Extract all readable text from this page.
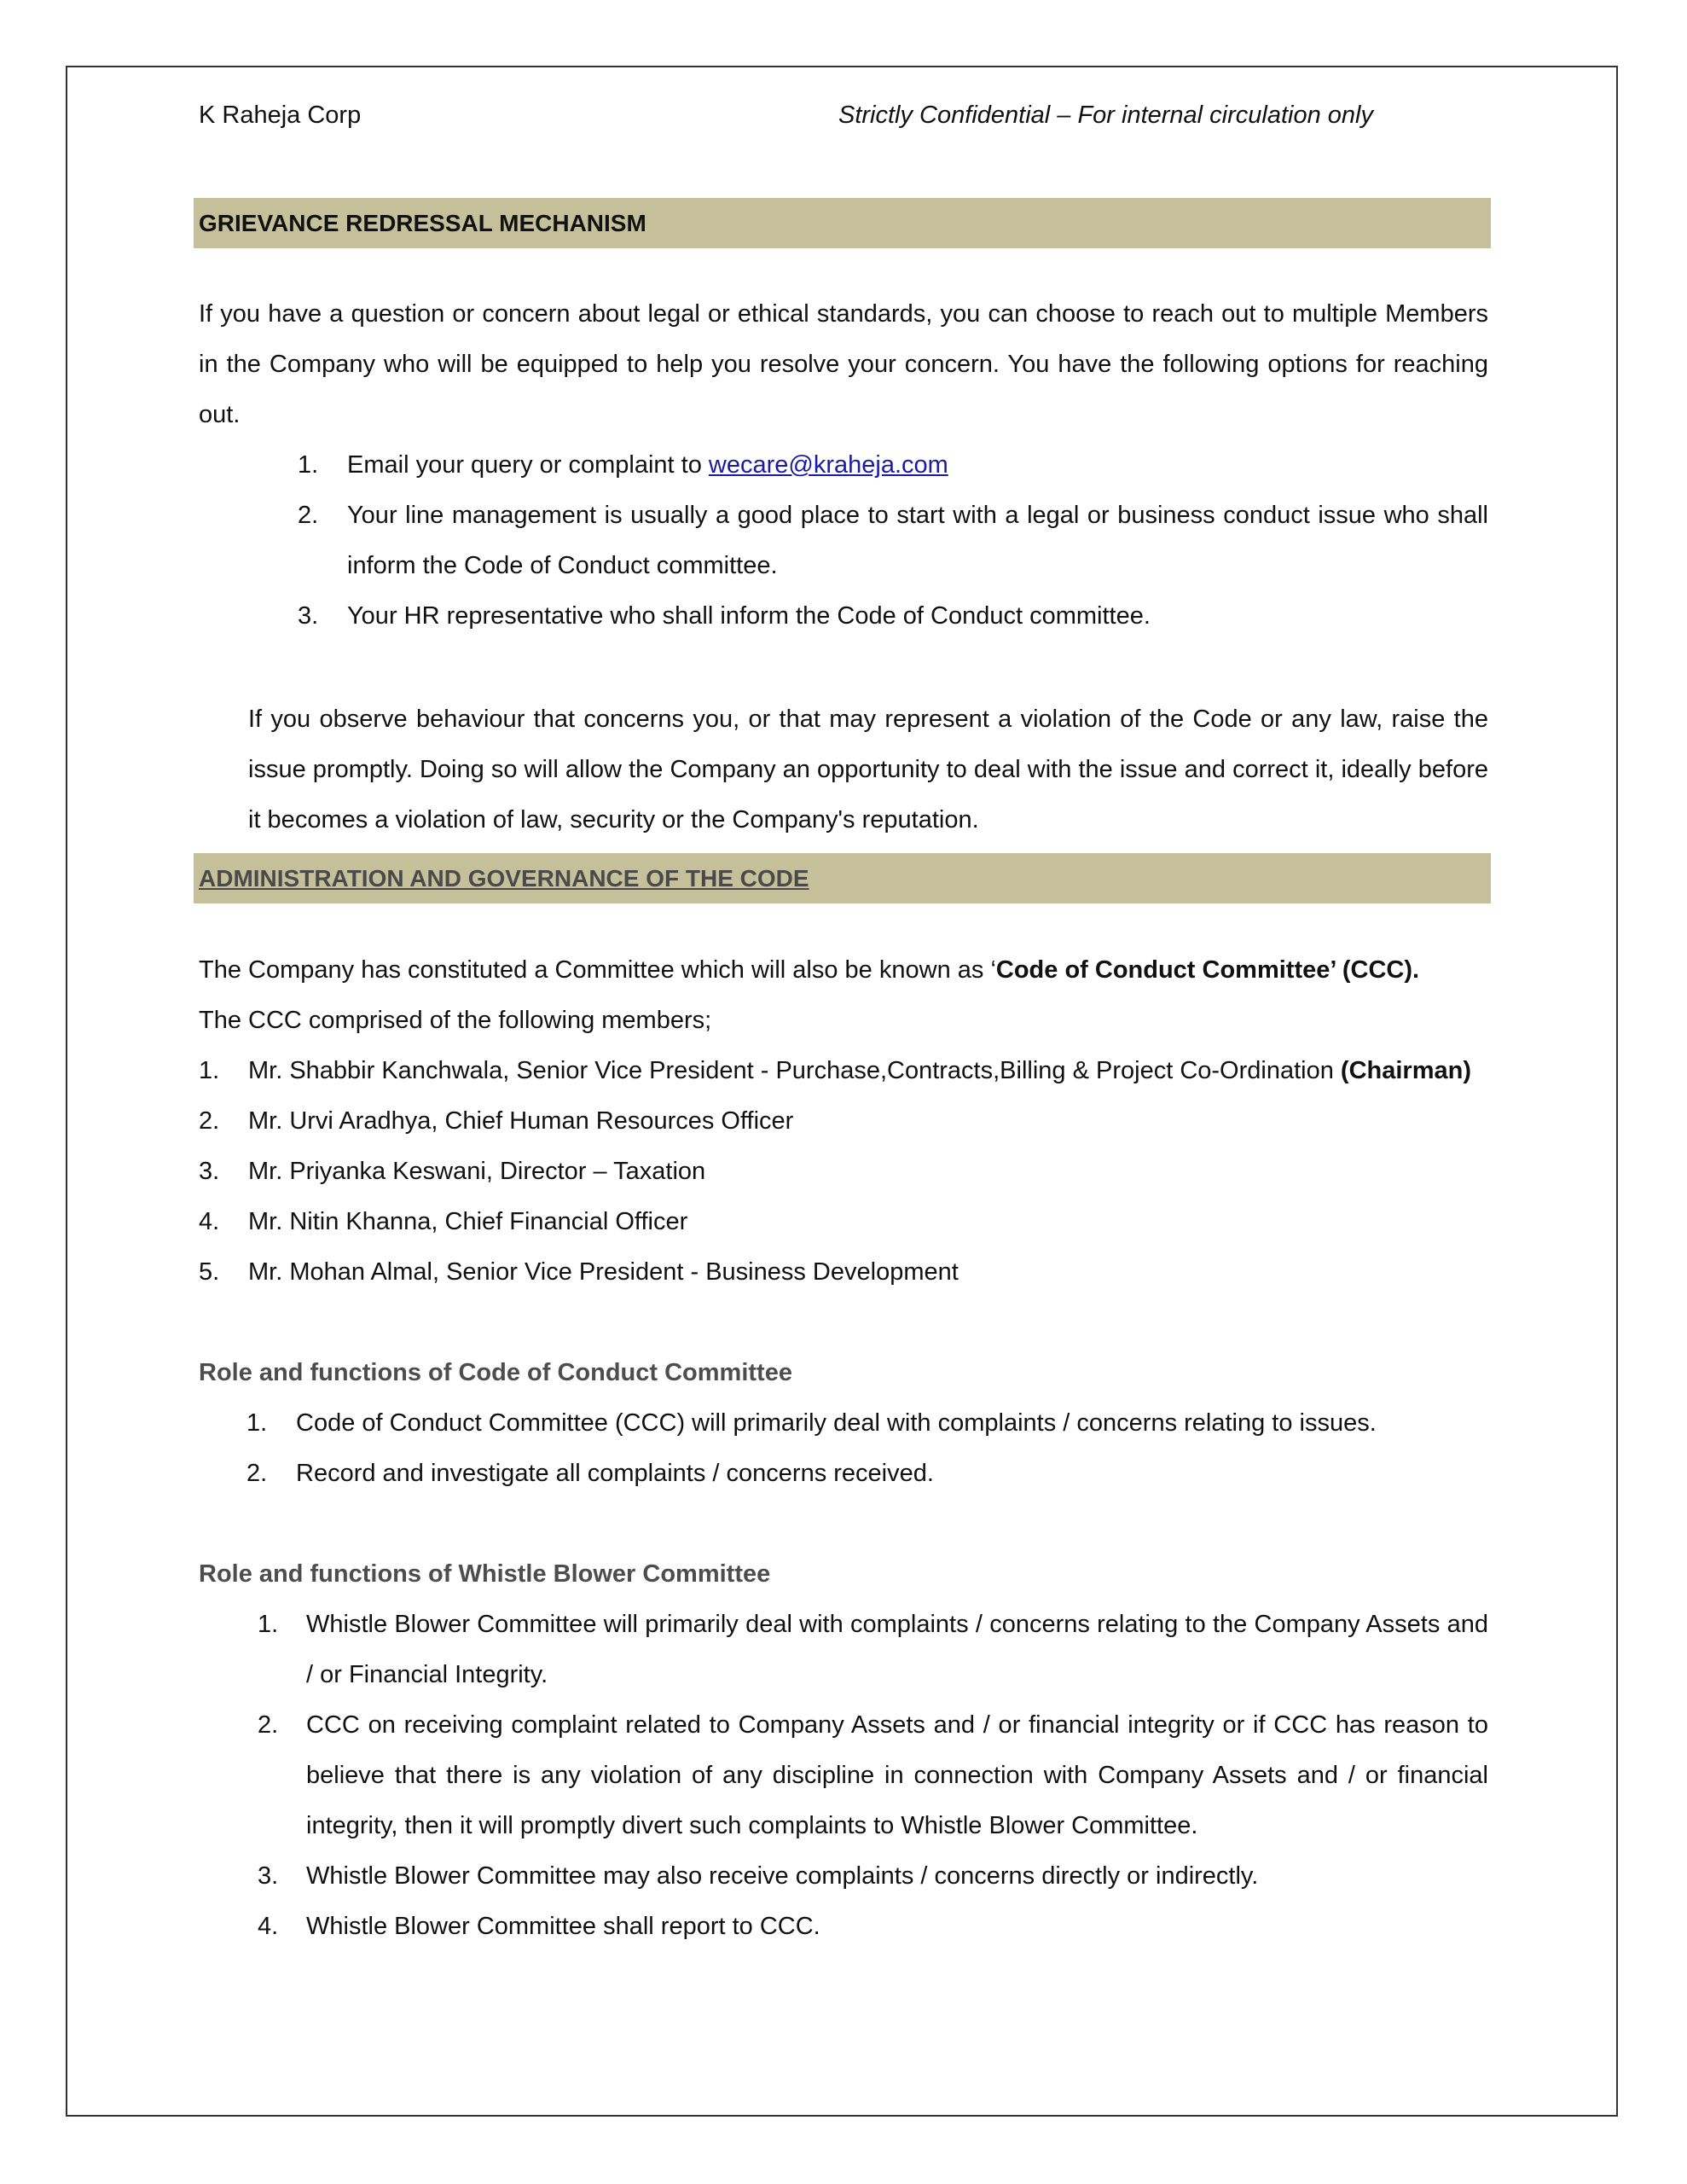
K Raheja Corp	Strictly Confidential – For internal circulation only
GRIEVANCE REDRESSAL MECHANISM
If you have a question or concern about legal or ethical standards, you can choose to reach out to multiple Members in the Company who will be equipped to help you resolve your concern. You have the following options for reaching out.
1. Email your query or complaint to wecare@kraheja.com
2. Your line management is usually a good place to start with a legal or business conduct issue who shall inform the Code of Conduct committee.
3. Your HR representative who shall inform the Code of Conduct committee.
If you observe behaviour that concerns you, or that may represent a violation of the Code or any law, raise the issue promptly. Doing so will allow the Company an opportunity to deal with the issue and correct it, ideally before it becomes a violation of law, security or the Company's reputation.
ADMINISTRATION AND GOVERNANCE OF THE CODE
The Company has constituted a Committee which will also be known as ‘Code of Conduct Committee’ (CCC).
The CCC comprised of the following members;
1. Mr. Shabbir Kanchwala, Senior Vice President - Purchase,Contracts,Billing & Project Co-Ordination (Chairman)
2. Mr. Urvi Aradhya, Chief Human Resources Officer
3. Mr. Priyanka Keswani, Director – Taxation
4. Mr. Nitin Khanna, Chief Financial Officer
5. Mr. Mohan Almal, Senior Vice President - Business Development
Role and functions of Code of Conduct Committee
1. Code of Conduct Committee (CCC) will primarily deal with complaints / concerns relating to issues.
2. Record and investigate all complaints / concerns received.
Role and functions of Whistle Blower Committee
1. Whistle Blower Committee will primarily deal with complaints / concerns relating to the Company Assets and / or Financial Integrity.
2. CCC on receiving complaint related to Company Assets and / or financial integrity or if CCC has reason to believe that there is any violation of any discipline in connection with Company Assets and / or financial integrity, then it will promptly divert such complaints to Whistle Blower Committee.
3. Whistle Blower Committee may also receive complaints / concerns directly or indirectly.
4. Whistle Blower Committee shall report to CCC.
